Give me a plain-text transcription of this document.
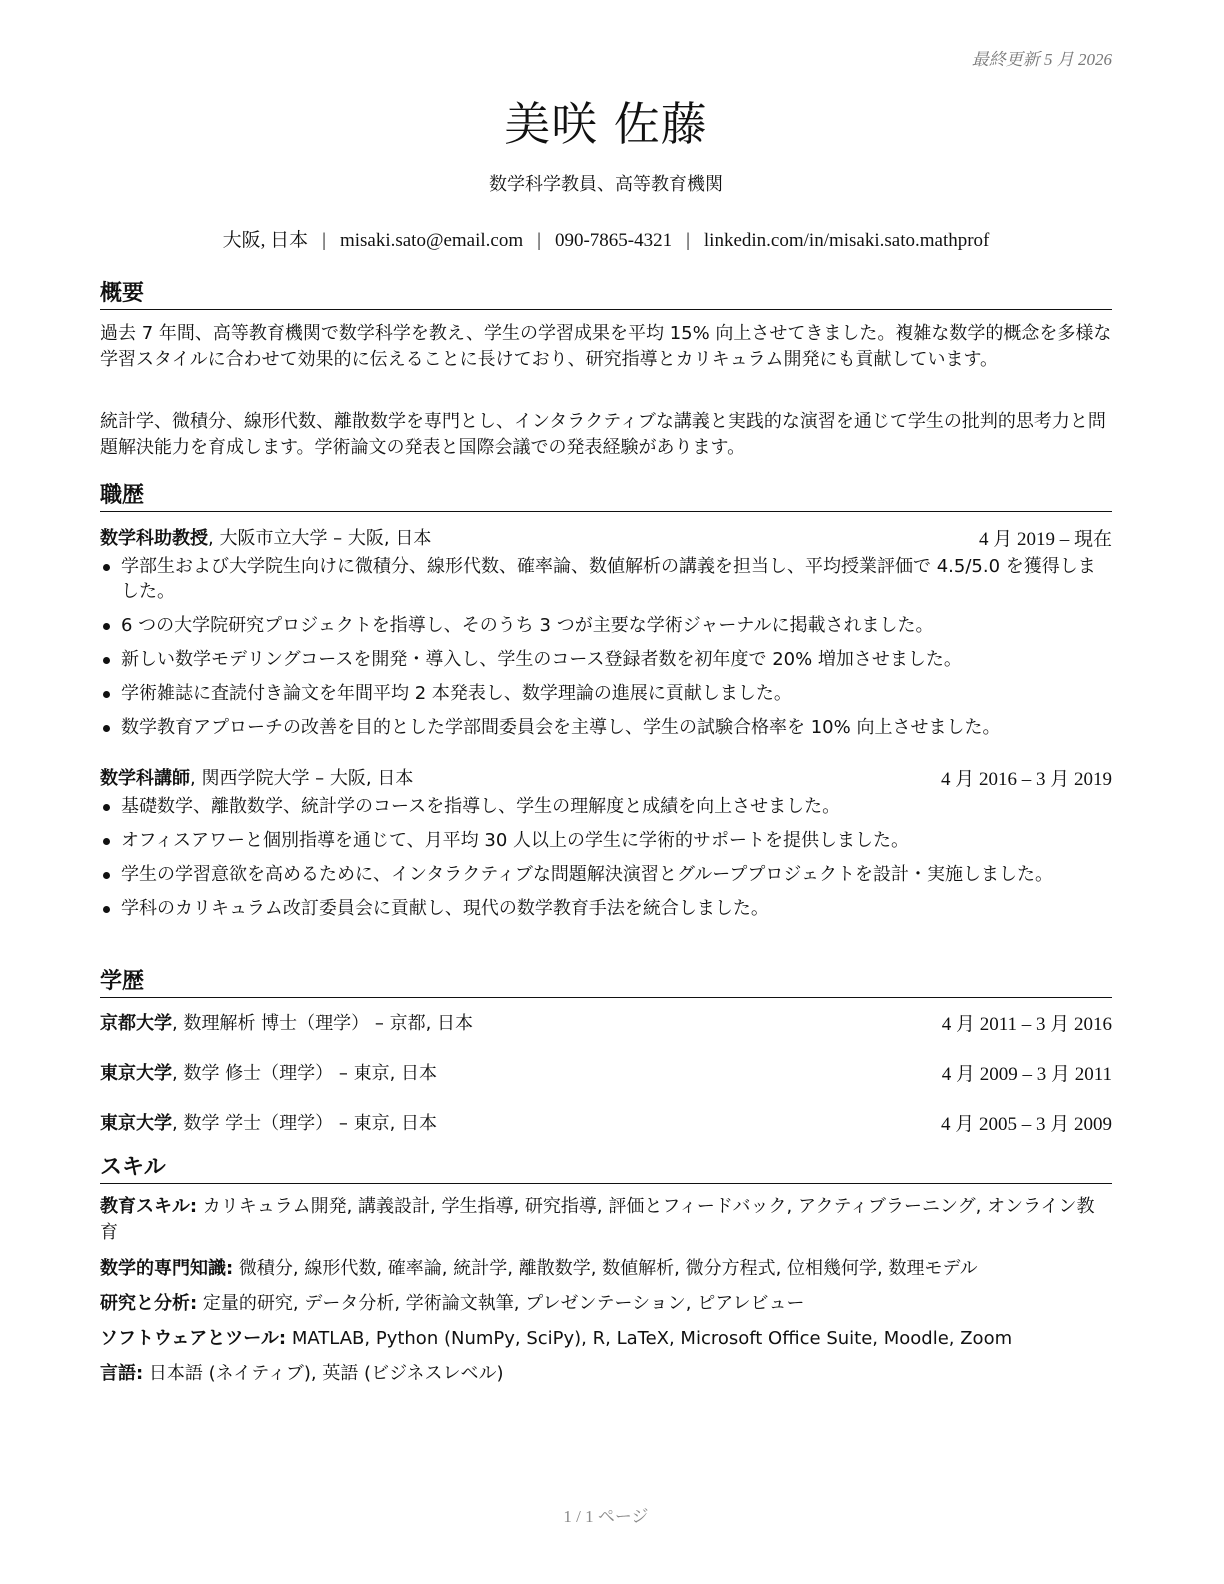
最終更新 5 月 2026
美咲 佐藤
数学科学教員、高等教育機関
大阪, 日本 | misaki.sato@email.com | 090-7865-4321 | linkedin.com/in/misaki.sato.mathprof
概要

過去 7 年間、高等教育機関で数学科学を教え、学生の学習成果を平均 15% 向上させてきました。複雑な数学的概念を多様な学習スタイルに合わせて効果的に伝えることに長けており、研究指導とカリキュラム開発にも貢献しています。

統計学、微積分、線形代数、離散数学を専門とし、インタラクティブな講義と実践的な演習を通じて学生の批判的思考力と問題解決能力を育成します。学術論文の発表と国際会議での発表経験があります。

職歴
数学科助教授, 大阪市立大学 – 大阪, 日本	4 月 2019 – 現在
学部生および大学院生向けに微積分、線形代数、確率論、数値解析の講義を担当し、平均授業評価で 4.5/5.0 を獲得しました。
6 つの大学院研究プロジェクトを指導し、そのうち 3 つが主要な学術ジャーナルに掲載されました。
新しい数学モデリングコースを開発・導入し、学生のコース登録者数を初年度で 20% 増加させました。
学術雑誌に査読付き論文を年間平均 2 本発表し、数学理論の進展に貢献しました。
数学教育アプローチの改善を目的とした学部間委員会を主導し、学生の試験合格率を 10% 向上させました。
数学科講師, 関西学院大学 – 大阪, 日本	4 月 2016 – 3 月 2019
基礎数学、離散数学、統計学のコースを指導し、学生の理解度と成績を向上させました。
オフィスアワーと個別指導を通じて、月平均 30 人以上の学生に学術的サポートを提供しました。
学生の学習意欲を高めるために、インタラクティブな問題解決演習とグループプロジェクトを設計・実施しました。
学科のカリキュラム改訂委員会に貢献し、現代の数学教育手法を統合しました。
学歴
京都大学, 数理解析 博士（理学） – 京都, 日本	4 月 2011 – 3 月 2016
東京大学, 数学 修士（理学） – 東京, 日本	4 月 2009 – 3 月 2011
東京大学, 数学 学士（理学） – 東京, 日本	4 月 2005 – 3 月 2009
スキル
教育スキル: カリキュラム開発, 講義設計, 学生指導, 研究指導, 評価とフィードバック, アクティブラーニング, オンライン教育
数学的専門知識: 微積分, 線形代数, 確率論, 統計学, 離散数学, 数値解析, 微分方程式, 位相幾何学, 数理モデル
研究と分析: 定量的研究, データ分析, 学術論文執筆, プレゼンテーション, ピアレビュー
ソフトウェアとツール: MATLAB, Python (NumPy, SciPy), R, LaTeX, Microsoft Office Suite, Moodle, Zoom
言語: 日本語 (ネイティブ), 英語 (ビジネスレベル)
1 / 1 ページ
